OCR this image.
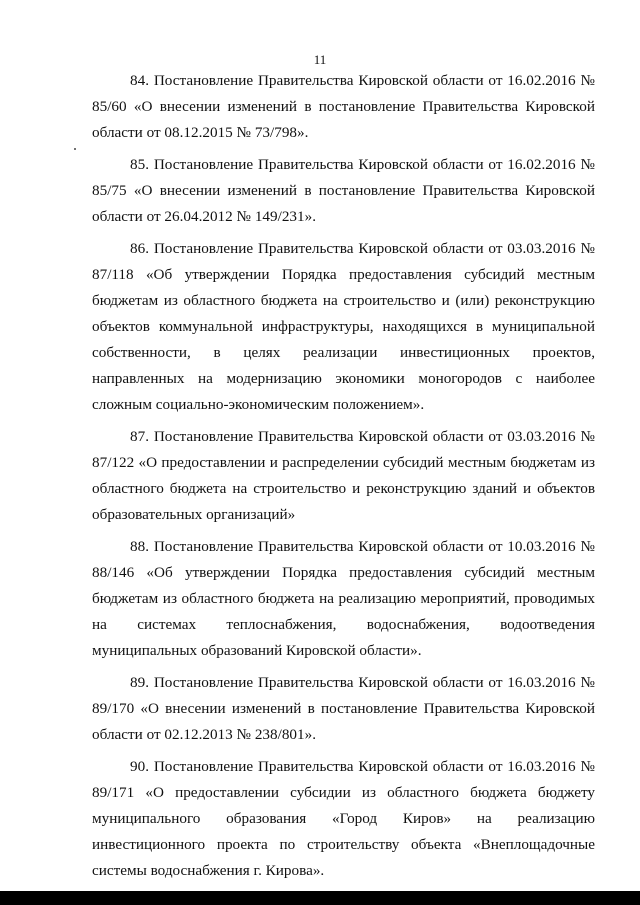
11

84. Постановление Правительства Кировской области от 16.02.2016 № 85/60 «О внесении изменений в постановление Правительства Кировской области от 08.12.2015 № 73/798».

85. Постановление Правительства Кировской области от 16.02.2016 № 85/75 «О внесении изменений в постановление Правительства Кировской области от 26.04.2012 № 149/231».

86. Постановление Правительства Кировской области от 03.03.2016 № 87/118 «Об утверждении Порядка предоставления субсидий местным бюджетам из областного бюджета на строительство и (или) реконструкцию объектов коммунальной инфраструктуры, находящихся в муниципальной собственности, в целях реализации инвестиционных проектов, направленных на модернизацию экономики моногородов с наиболее сложным социально-экономическим положением».

87. Постановление Правительства Кировской области от 03.03.2016 № 87/122 «О предоставлении и распределении субсидий местным бюджетам из областного бюджета на строительство и реконструкцию зданий и объектов образовательных организаций»

88. Постановление Правительства Кировской области от 10.03.2016 № 88/146 «Об утверждении Порядка предоставления субсидий местным бюджетам из областного бюджета на реализацию мероприятий, проводимых на системах теплоснабжения, водоснабжения, водоотведения муниципальных образований Кировской области».

89. Постановление Правительства Кировской области от 16.03.2016 № 89/170 «О внесении изменений в постановление Правительства Кировской области от 02.12.2013 № 238/801».

90. Постановление Правительства Кировской области от 16.03.2016 № 89/171 «О предоставлении субсидии из областного бюджета бюджету муниципального образования «Город Киров» на реализацию инвестиционного проекта по строительству объекта «Внеплощадочные системы водоснабжения г. Кирова».
